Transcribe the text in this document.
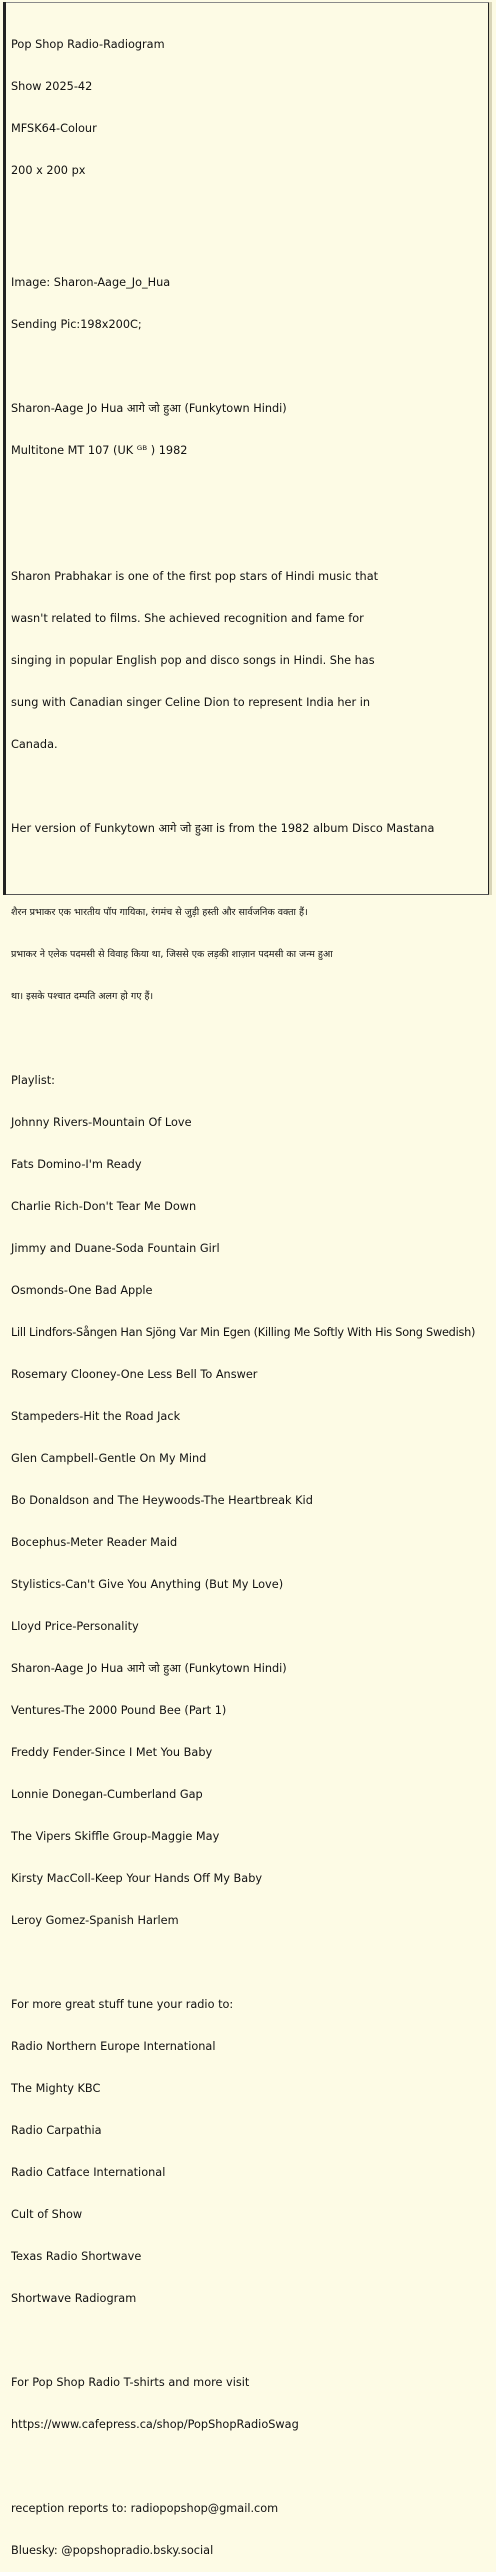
Pop Shop Radio-Radiogram

Show 2025-42

MFSK64-Colour

200 x 200 px

Image: Sharon-Aage_Jo_Hua

Sending Pic:198x200C;

Sharon-Aage Jo Hua आगे जो हुआ (Funkytown Hindi)

Multitone MT 107 (UK ᴳᴮ ) 1982

Sharon Prabhakar is one of the first pop stars of Hindi music that

wasn't related to films. She achieved recognition and fame for

singing in popular English pop and disco songs in Hindi. She has

sung with Canadian singer Celine Dion to represent India her in

Canada.

Her version of Funkytown आगे जो हुआ is from the 1982 album Disco Mastana

शैरन प्रभाकर एक भारतीय पॉप गायिका, रंगमंच से जुड़ी हस्ती और सार्वजनिक वक्ता हैं।

प्रभाकर ने एलेक पदमसी से विवाह किया था, जिससे एक लड़की शाज़ान पदमसी का जन्म हुआ

था। इसके पश्चात दम्पति अलग हो गए हैं।

Playlist:

Johnny Rivers-Mountain Of Love

Fats Domino-I'm Ready

Charlie Rich-Don't Tear Me Down

Jimmy and Duane-Soda Fountain Girl

Osmonds-One Bad Apple

Lill Lindfors-Sången Han Sjöng Var Min Egen (Killing Me Softly With His Song Swedish)

Rosemary Clooney-One Less Bell To Answer

Stampeders-Hit the Road Jack

Glen Campbell-Gentle On My Mind

Bo Donaldson and The Heywoods-The Heartbreak Kid

Bocephus-Meter Reader Maid

Stylistics-Can't Give You Anything (But My Love)

Lloyd Price-Personality

Sharon-Aage Jo Hua आगे जो हुआ (Funkytown Hindi)

Ventures-The 2000 Pound Bee (Part 1)

Freddy Fender-Since I Met You Baby

Lonnie Donegan-Cumberland Gap

The Vipers Skiffle Group-Maggie May

Kirsty MacColl-Keep Your Hands Off My Baby

Leroy Gomez-Spanish Harlem

For more great stuff tune your radio to:

Radio Northern Europe International

The Mighty KBC

Radio Carpathia

Radio Catface International

Cult of Show

Texas Radio Shortwave

Shortwave Radiogram

For Pop Shop Radio T-shirts and more visit

https://www.cafepress.ca/shop/PopShopRadioSwag

reception reports to: radiopopshop@gmail.com

Bluesky: @popshopradio.bsky.social
